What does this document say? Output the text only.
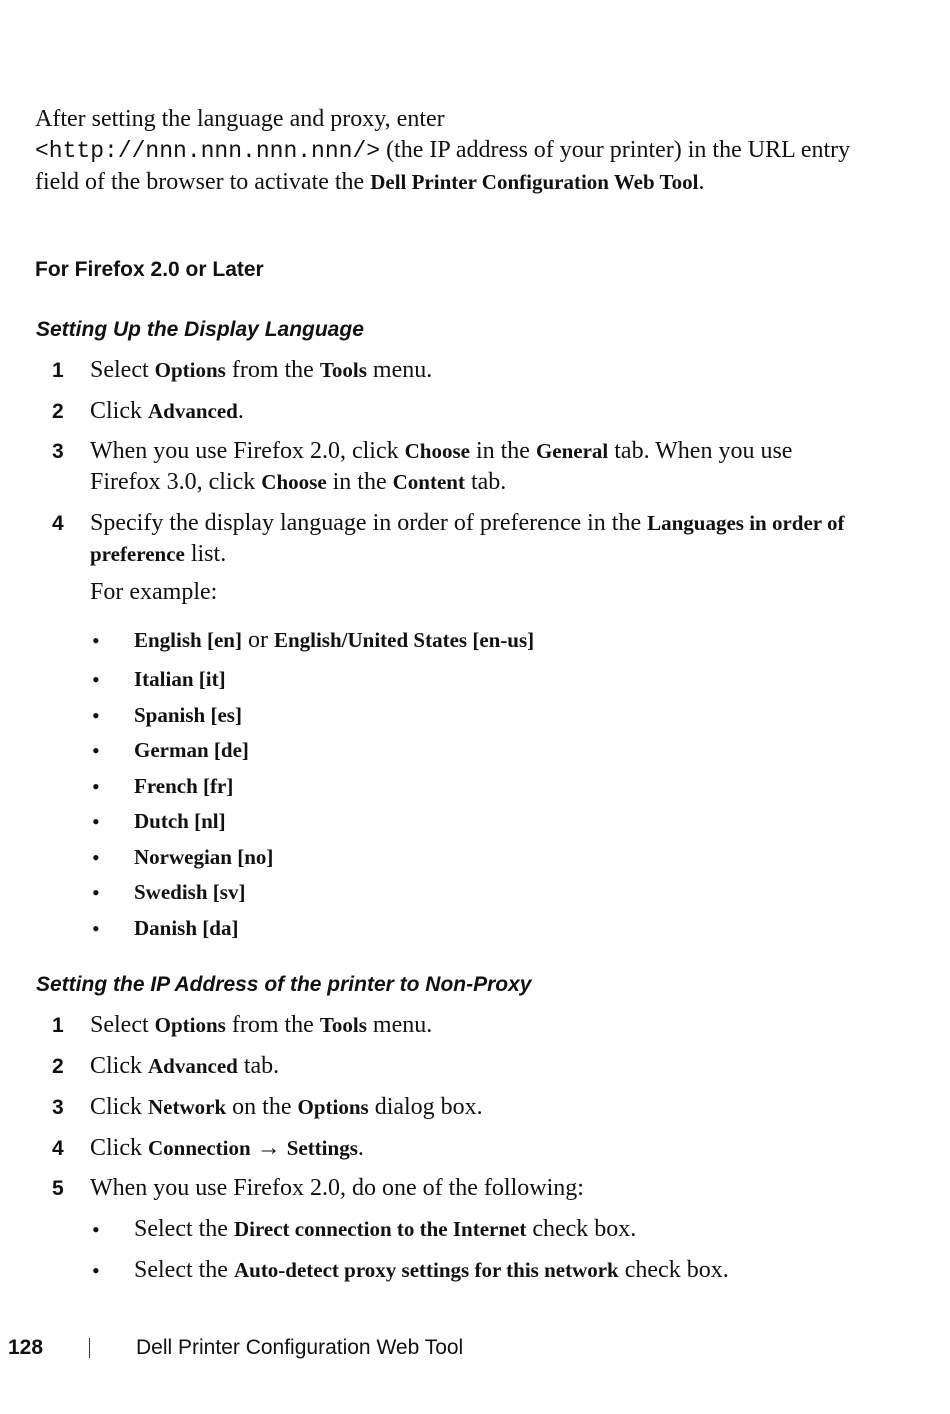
After setting the language and proxy, enter
<http://nnn.nnn.nnn.nnn/> (the IP address of your printer) in the URL entry field of the browser to activate the Dell Printer Configuration Web Tool.
For Firefox 2.0 or Later
Setting Up the Display Language
1	Select Options from the Tools menu.
2	Click Advanced.
3	When you use Firefox 2.0, click Choose in the General tab. When you use Firefox 3.0, click Choose in the Content tab.
4	Specify the display language in order of preference in the Languages in order of preference list.
For example:
• English [en] or English/United States [en-us]
• Italian [it]
• Spanish [es]
• German [de]
• French [fr]
• Dutch [nl]
• Norwegian [no]
• Swedish [sv]
• Danish [da]
Setting the IP Address of the printer to Non-Proxy
1	Select Options from the Tools menu.
2	Click Advanced tab.
3	Click Network on the Options dialog box.
4	Click Connection → Settings.
5	When you use Firefox 2.0, do one of the following:
• Select the Direct connection to the Internet check box.
• Select the Auto-detect proxy settings for this network check box.
128	Dell Printer Configuration Web Tool
